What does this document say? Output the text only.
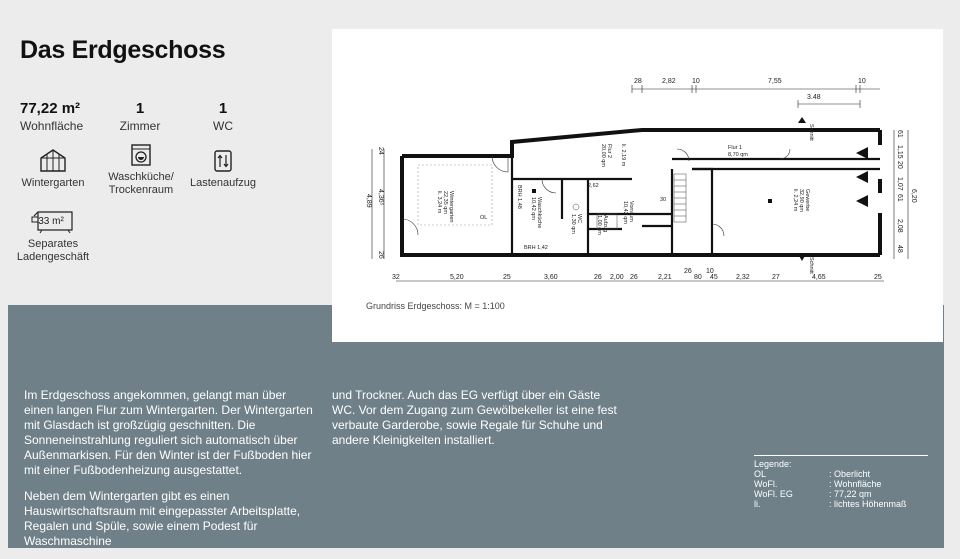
Das Erdgeschoss
77,22 m²
Wohnfläche
1
Zimmer
1
WC
Wintergarten	Waschküche/
Trockenraum
Lastenaufzug
33 m²
Separates
Ladengeschäft
28	2,82 10	7,55	10
3.48
Wintergarten
22,35 qm
li. 3,24 m
OL	Waschküche
10,42 qm	WC
1,30 qm
Vorraum
10,42 qm
Flur 2
20,00 qm	li. 2,19 m	Flur 1
8,70 qm
Gewerbe
32,90 qm
li. 2,24 m
Aufzug
1,00 qm
2,62
30
BRH 1,42
BRH 1,48
Schnitt
Schnitt
24
4,36⁵
4,89
26
61
1,15
20
1,07
61 6,20
2,08
48
32	5,20	25	3,60	26 2,00 26	2,21
26
80
10
45	2,32	27	4,65	25
Grundriss Erdgeschoss: M = 1:100
Im Erdgeschoss angekommen, gelangt man über einen langen Flur zum Wintergarten. Der Wintergarten mit Glasdach ist großzügig geschnitten. Die Sonneneinstrahlung reguliert sich automatisch über Außenmarkisen. Für den Winter ist der Fußboden hier mit einer Fußbodenheizung ausgestattet.
Neben dem Wintergarten gibt es einen Hauswirtschaftsraum mit eingepasster Arbeitsplatte, Regalen und Spüle, sowie einem Podest für Waschmaschine
und Trockner. Auch das EG verfügt über ein Gäste WC. Vor dem Zugang zum Gewölbekeller ist eine fest verbaute Garderobe, sowie Regale für Schuhe und andere Kleinigkeiten installiert.
Legende:
OL	: Oberlicht
WoFl.	: Wohnfläche
WoFl. EG	: 77,22 qm
li.	: lichtes Höhenmaß
